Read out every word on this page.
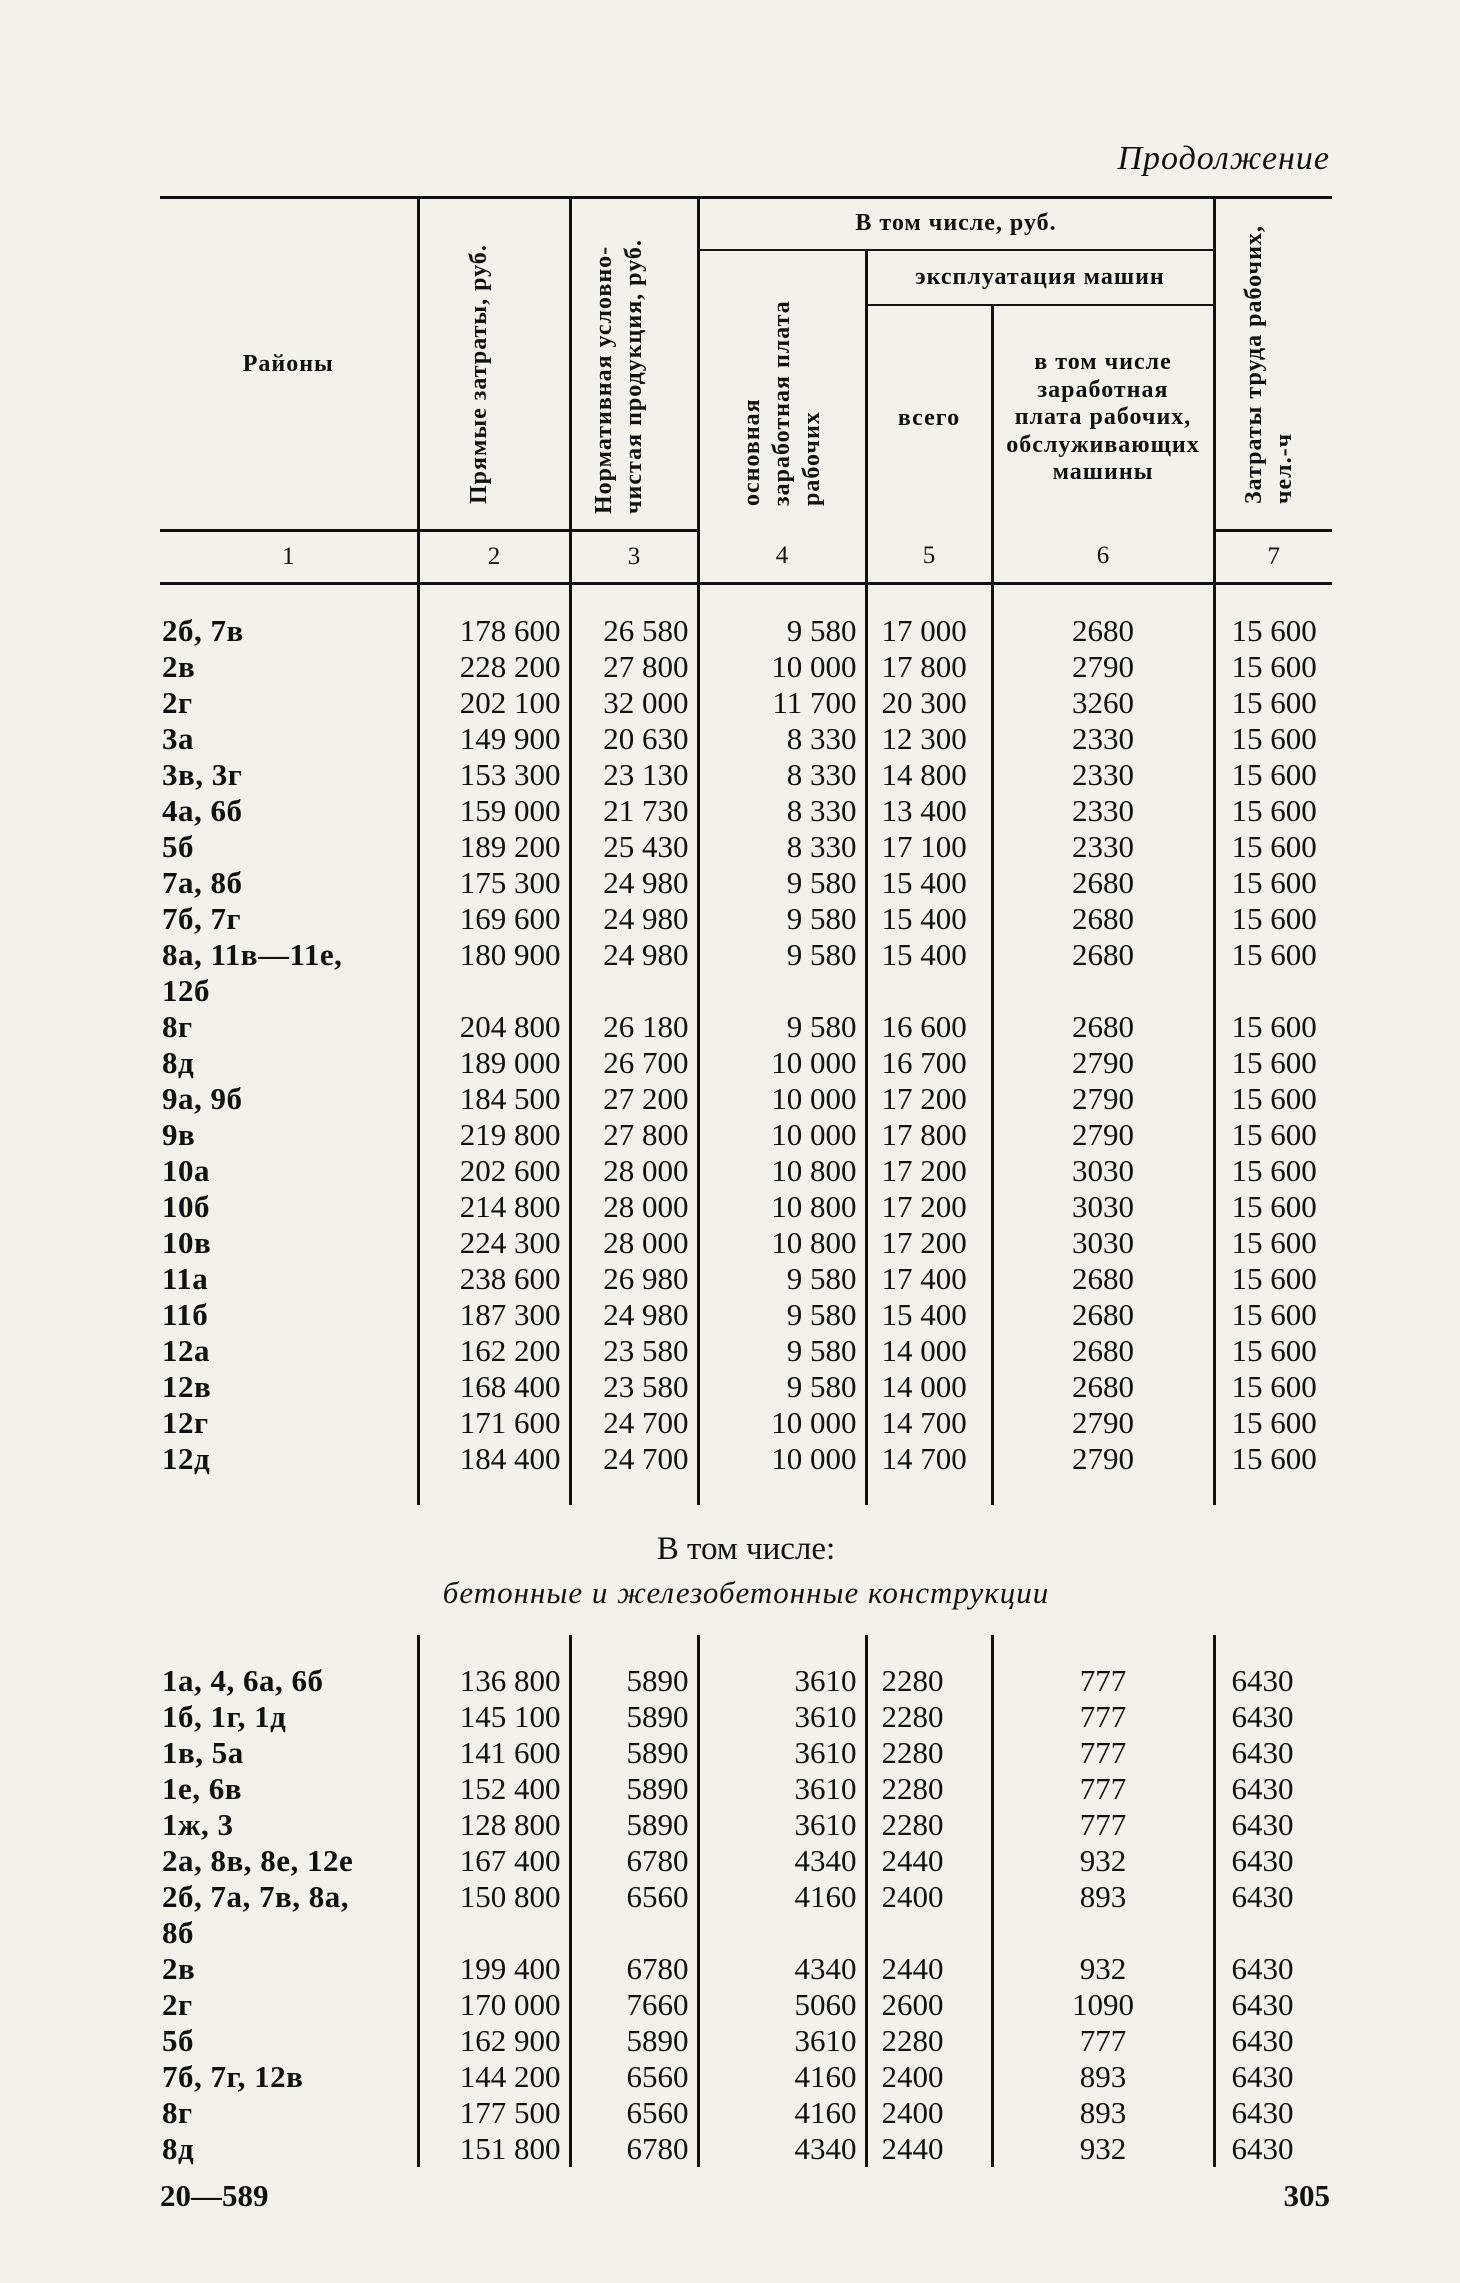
Продолжение
Районы	Прямые затраты, руб.	Нормативная условно-чистая продукция, руб.	В том числе, руб.			Затраты труда рабочих, чел.-ч

			основная заработная плата рабочих	эксплуатация машин		
				всего	в том числе заработная плата рабочих, обслуживающих машины	
1	2	3	4	5	6	7

2б, 7в	178 600	26 580	9 580	17 000	2680	15 600
2в	228 200	27 800	10 000	17 800	2790	15 600
2г	202 100	32 000	11 700	20 300	3260	15 600
3а	149 900	20 630	8 330	12 300	2330	15 600
3в, 3г	153 300	23 130	8 330	14 800	2330	15 600
4а, 6б	159 000	21 730	8 330	13 400	2330	15 600
5б	189 200	25 430	8 330	17 100	2330	15 600
7а, 8б	175 300	24 980	9 580	15 400	2680	15 600
7б, 7г	169 600	24 980	9 580	15 400	2680	15 600
8а, 11в—11е,	180 900	24 980	9 580	15 400	2680	15 600
12б						
8г	204 800	26 180	9 580	16 600	2680	15 600
8д	189 000	26 700	10 000	16 700	2790	15 600
9а, 9б	184 500	27 200	10 000	17 200	2790	15 600
9в	219 800	27 800	10 000	17 800	2790	15 600
10а	202 600	28 000	10 800	17 200	3030	15 600
10б	214 800	28 000	10 800	17 200	3030	15 600
10в	224 300	28 000	10 800	17 200	3030	15 600
11а	238 600	26 980	9 580	17 400	2680	15 600
11б	187 300	24 980	9 580	15 400	2680	15 600
12а	162 200	23 580	9 580	14 000	2680	15 600
12в	168 400	23 580	9 580	14 000	2680	15 600
12г	171 600	24 700	10 000	14 700	2790	15 600
12д	184 400	24 700	10 000	14 700	2790	15 600

В том числе:						
бетонные и железобетонные конструкции						

1а, 4, 6а, 6б	136 800	5890	3610	2280	777	6430
1б, 1г, 1д	145 100	5890	3610	2280	777	6430
1в, 5а	141 600	5890	3610	2280	777	6430
1е, 6в	152 400	5890	3610	2280	777	6430
1ж, 3	128 800	5890	3610	2280	777	6430
2а, 8в, 8е, 12е	167 400	6780	4340	2440	932	6430
2б, 7а, 7в, 8а,	150 800	6560	4160	2400	893	6430
8б						
2в	199 400	6780	4340	2440	932	6430
2г	170 000	7660	5060	2600	1090	6430
5б	162 900	5890	3610	2280	777	6430
7б, 7г, 12в	144 200	6560	4160	2400	893	6430
8г	177 500	6560	4160	2400	893	6430
8д	151 800	6780	4340	2440	932	6430
20—589	305
